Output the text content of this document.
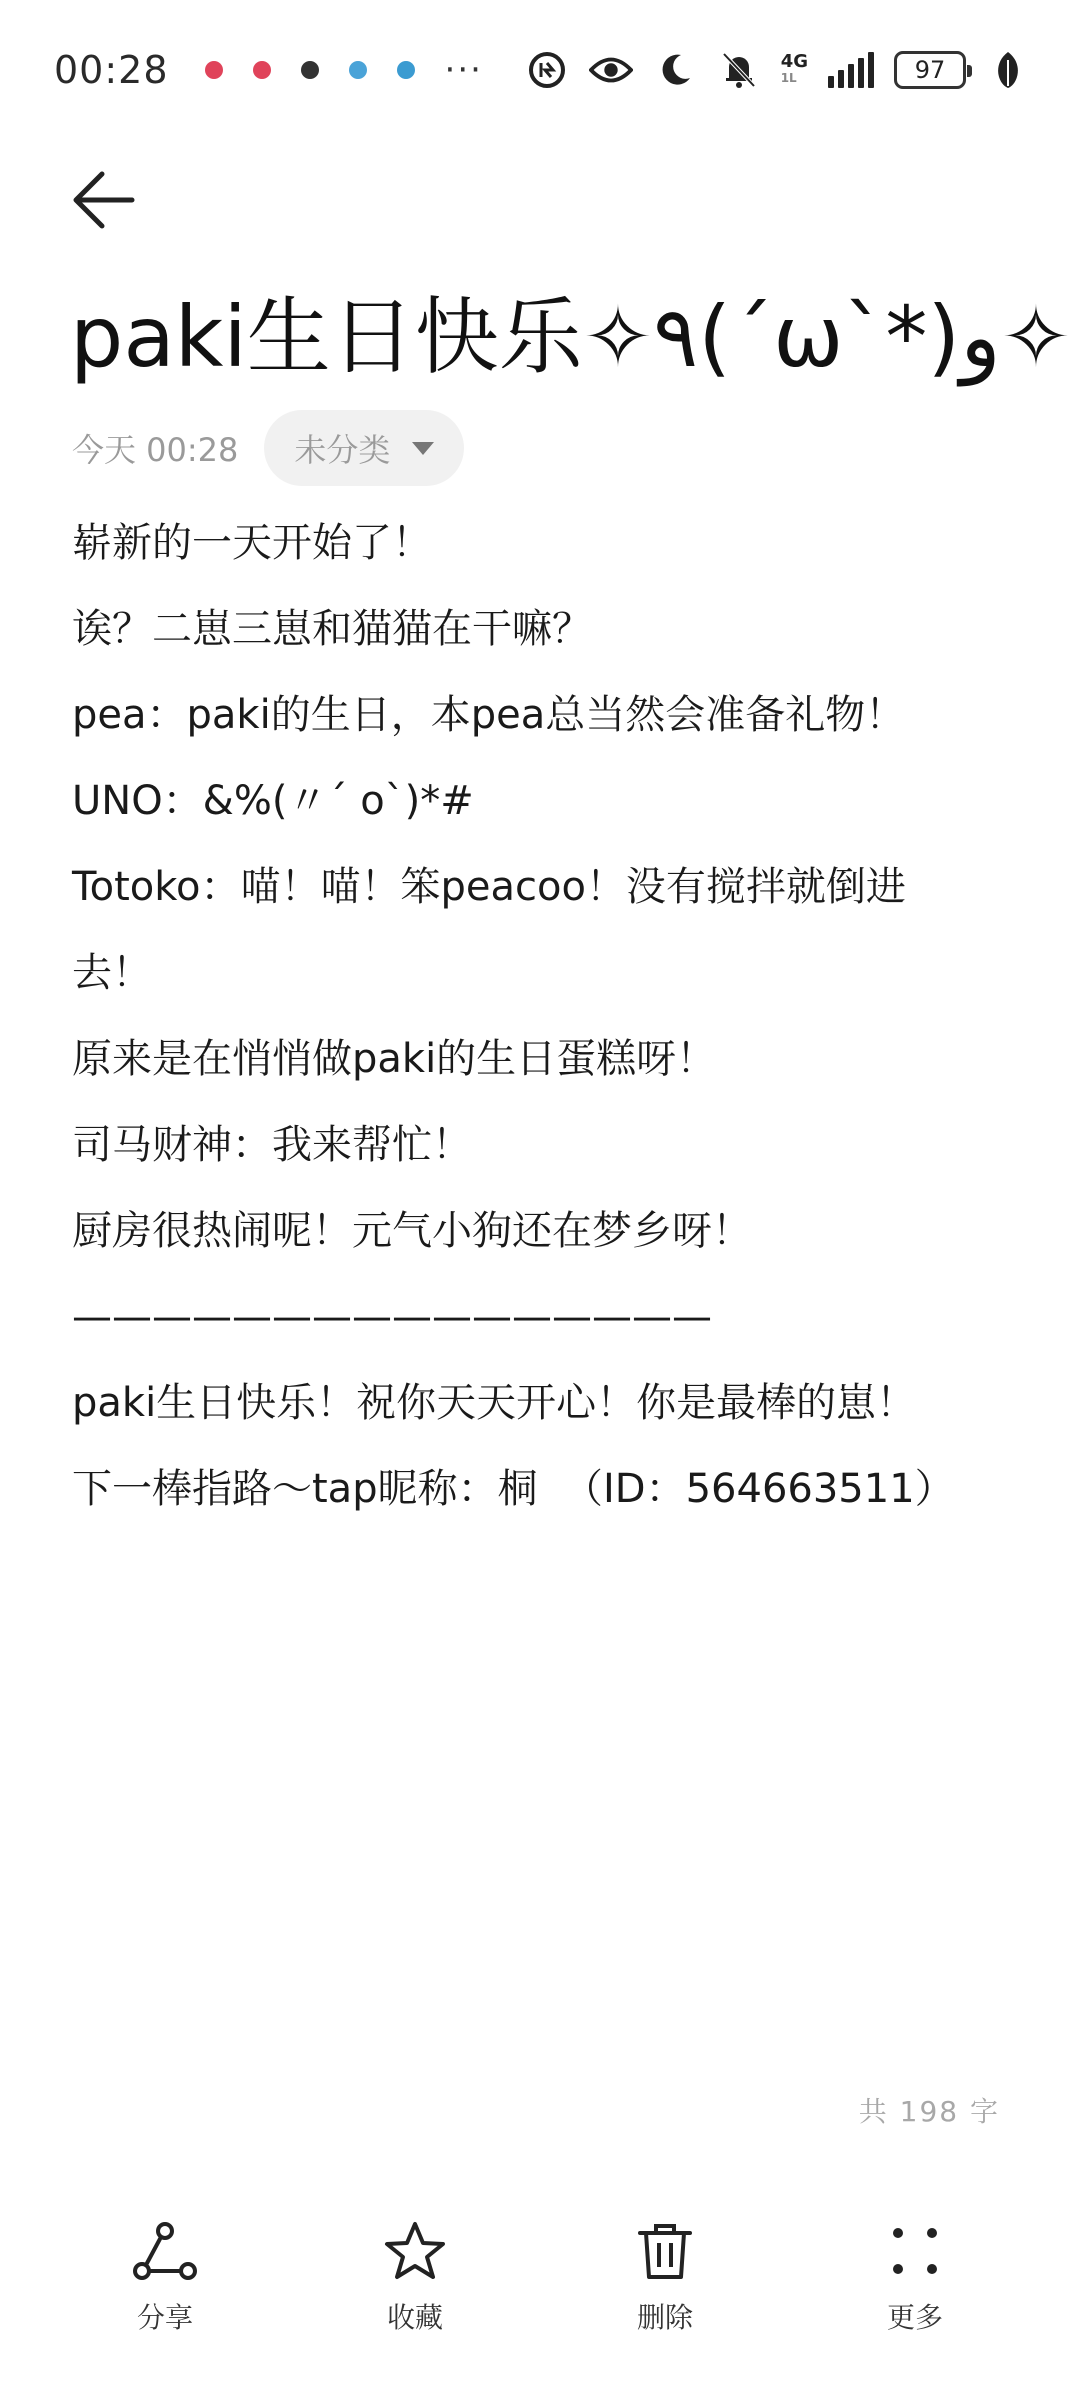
00:28	···	4G
1L	97
paki生日快乐✧٩(ˊωˋ*)و✧
今天 00:28 未分类

崭新的一天开始了！

诶？二崽三崽和猫猫在干嘛？

pea：paki的生日，本pea总当然会准备礼物！

UNO：&%(〃ˊ o`)*#

Totoko：喵！喵！笨peacoo！没有搅拌就倒进去！

原来是在悄悄做paki的生日蛋糕呀！

司马财神：我来帮忙！

厨房很热闹呢！元气小狗还在梦乡呀！

————————————————

paki生日快乐！祝你天天开心！你是最棒的崽！

下一棒指路～tap昵称：桐  （ID：564663511）

共 198 字
分享	收藏	删除	更多
